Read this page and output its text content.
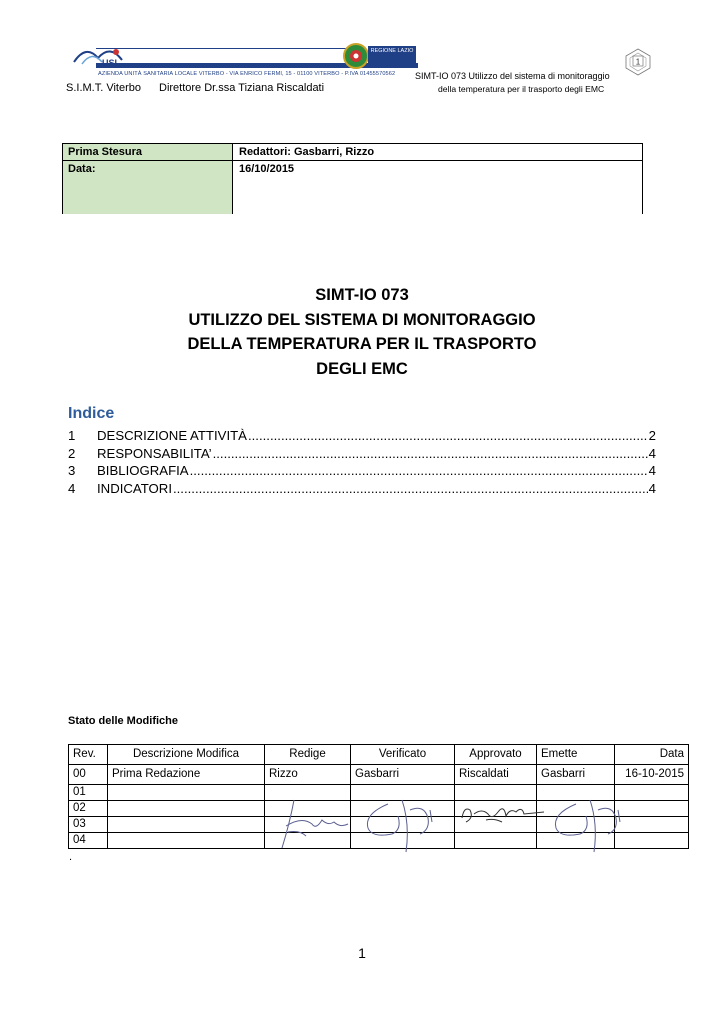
USL
REGIONE LAZIO
AZIENDA UNITÀ SANITARIA LOCALE VITERBO - VIA ENRICO FERMI, 15 - 01100 VITERBO - P.IVA 01455570562 SIMT-IO 073 Utilizzo del sistema di monitoraggio
1
S.I.M.T. Viterbo Direttore Dr.ssa Tiziana Riscaldati	della temperatura per il trasporto degli EMC
Prima Stesura	Redattori: Gasbarri, Rizzo
Data:	16/10/2015
SIMT-IO 073
UTILIZZO DEL SISTEMA DI MONITORAGGIO
DELLA TEMPERATURA PER IL TRASPORTO
DEGLI EMC
Indice
1	DESCRIZIONE ATTIVITÀ .....	2
2	RESPONSABILITA’ .....	4
3	BIBLIOGRAFIA .....	4
4	INDICATORI .....	4
Stato delle Modifiche
Rev.	Descrizione Modifica	Redige	Verificato	Approvato	Emette	Data
00	Prima Redazione	Rizzo	Gasbarri	Riscaldati	Gasbarri	16-10-2015
01						
02						
03						
04						
.
1
